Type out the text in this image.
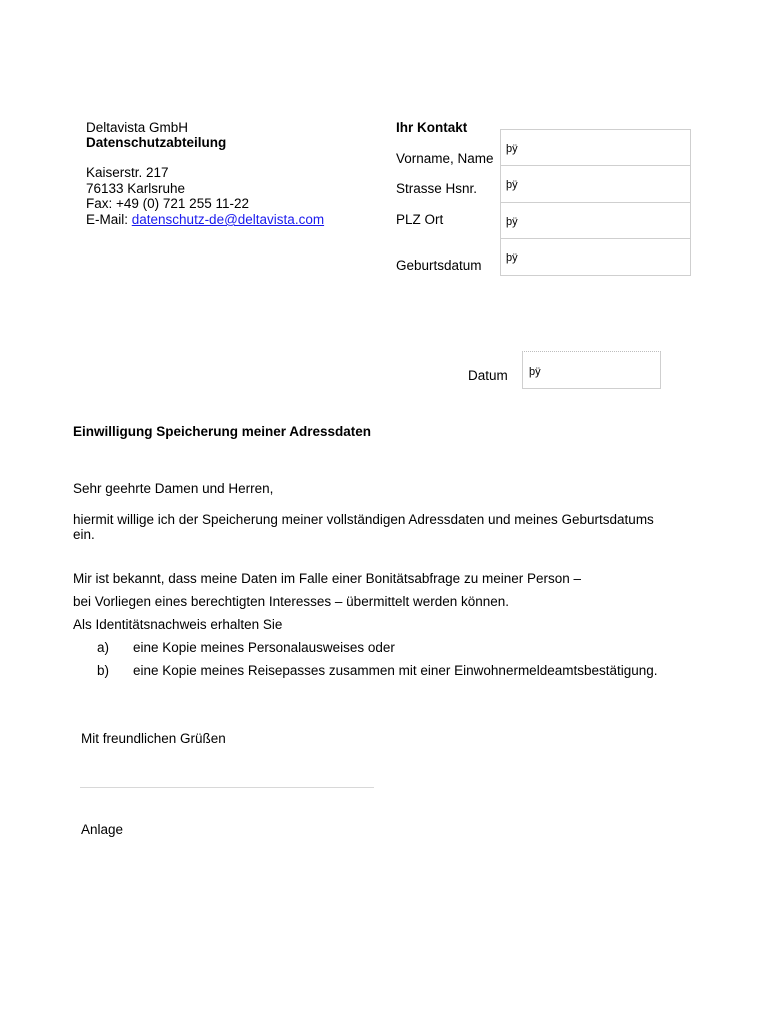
Deltavista GmbH
Datenschutzabteilung
Kaiserstr. 217
76133 Karlsruhe
Fax: +49 (0) 721 255 11-22
E-Mail: datenschutz-de@deltavista.com
Ihr Kontakt
Vorname, Name
Strasse Hsnr.
PLZ Ort
Geburtsdatum
þÿ
þÿ
þÿ
þÿ
Datum þÿ
Einwilligung Speicherung meiner Adressdaten
Sehr geehrte Damen und Herren,
hiermit willige ich der Speicherung meiner vollständigen Adressdaten und meines Geburtsdatums
ein.
Mir ist bekannt, dass meine Daten im Falle einer Bonitätsabfrage zu meiner Person –
bei Vorliegen eines berechtigten Interesses – übermittelt werden können.
Als Identitätsnachweis erhalten Sie
a) eine Kopie meines Personalausweises oder
b) eine Kopie meines Reisepasses zusammen mit einer Einwohnermeldeamtsbestätigung.
Mit freundlichen Grüßen
Anlage
